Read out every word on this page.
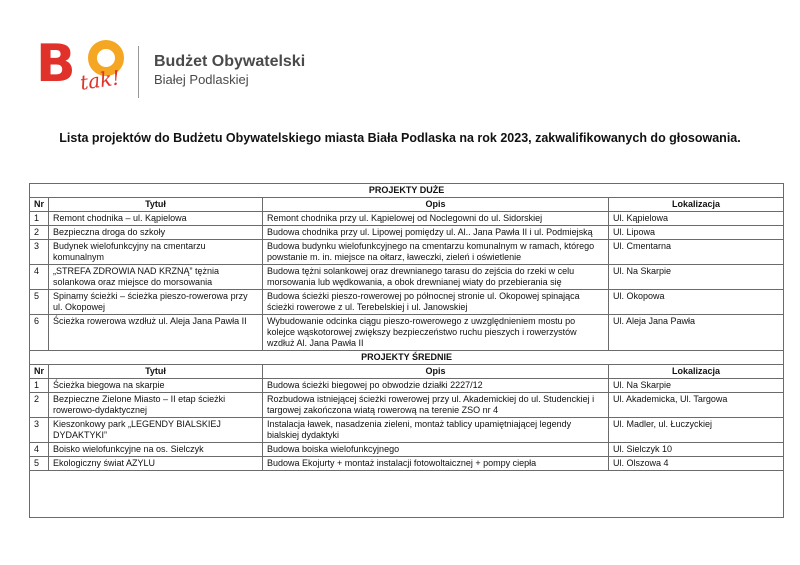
B tak!
Budżet Obywatelski
Białej Podlaskiej
Lista projektów do Budżetu Obywatelskiego miasta Biała Podlaska na rok 2023, zakwalifikowanych do głosowania.
PROJEKTY DUŻE			
Nr	Tytuł	Opis	Lokalizacja
1	Remont chodnika – ul. Kąpielowa	Remont chodnika przy ul. Kąpielowej od Noclegowni do ul. Sidorskiej	Ul. Kąpielowa
2	Bezpieczna droga do szkoły	Budowa chodnika przy ul. Lipowej pomiędzy ul. Al.. Jana Pawła II i ul. Podmiejską	Ul. Lipowa
3	Budynek wielofunkcyjny na cmentarzu komunalnym	Budowa budynku wielofunkcyjnego na cmentarzu komunalnym w ramach, którego powstanie m. in. miejsce na ołtarz, ławeczki, zieleń i oświetlenie	Ul. Cmentarna
4	„STREFA ZDROWIA NAD KRZNĄ” tężnia solankowa oraz miejsce do morsowania	Budowa tężni solankowej oraz drewnianego tarasu do zejścia do rzeki w celu morsowania lub wędkowania, a obok drewnianej wiaty do przebierania się	Ul. Na Skarpie
5	Spinamy ścieżki – ścieżka pieszo-rowerowa przy ul. Okopowej	Budowa ścieżki pieszo-rowerowej po północnej stronie ul. Okopowej spinająca ścieżki rowerowe z ul. Terebelskiej i ul. Janowskiej	Ul. Okopowa
6	Ścieżka rowerowa wzdłuż ul. Aleja Jana Pawła II	Wybudowanie odcinka ciągu pieszo-rowerowego z uwzględnieniem mostu po kolejce wąskotorowej zwiększy bezpieczeństwo ruchu pieszych i rowerzystów wzdłuż Al. Jana Pawła II	Ul. Aleja Jana Pawła
PROJEKTY ŚREDNIE			
Nr	Tytuł	Opis	Lokalizacja
1	Ścieżka biegowa na skarpie	Budowa ścieżki biegowej po obwodzie działki 2227/12	Ul. Na Skarpie
2	Bezpieczne Zielone Miasto – II etap ścieżki rowerowo-dydaktycznej	Rozbudowa istniejącej ścieżki rowerowej przy ul. Akademickiej do ul. Studenckiej i targowej zakończona wiatą rowerową na terenie ZSO nr 4	Ul. Akademicka, Ul. Targowa
3	Kieszonkowy park „LEGENDY BIALSKIEJ DYDAKTYKI”	Instalacja ławek, nasadzenia zieleni, montaż tablicy upamiętniającej legendy bialskiej dydaktyki	Ul. Madler, ul. Łuczyckiej
4	Boisko wielofunkcyjne na os. Sielczyk	Budowa boiska wielofunkcyjnego	Ul. Sielczyk 10
5	Ekologiczny świat AZYLU	Budowa Ekojurty + montaż instalacji fotowoltaicznej + pompy ciepła	Ul. Olszowa 4
